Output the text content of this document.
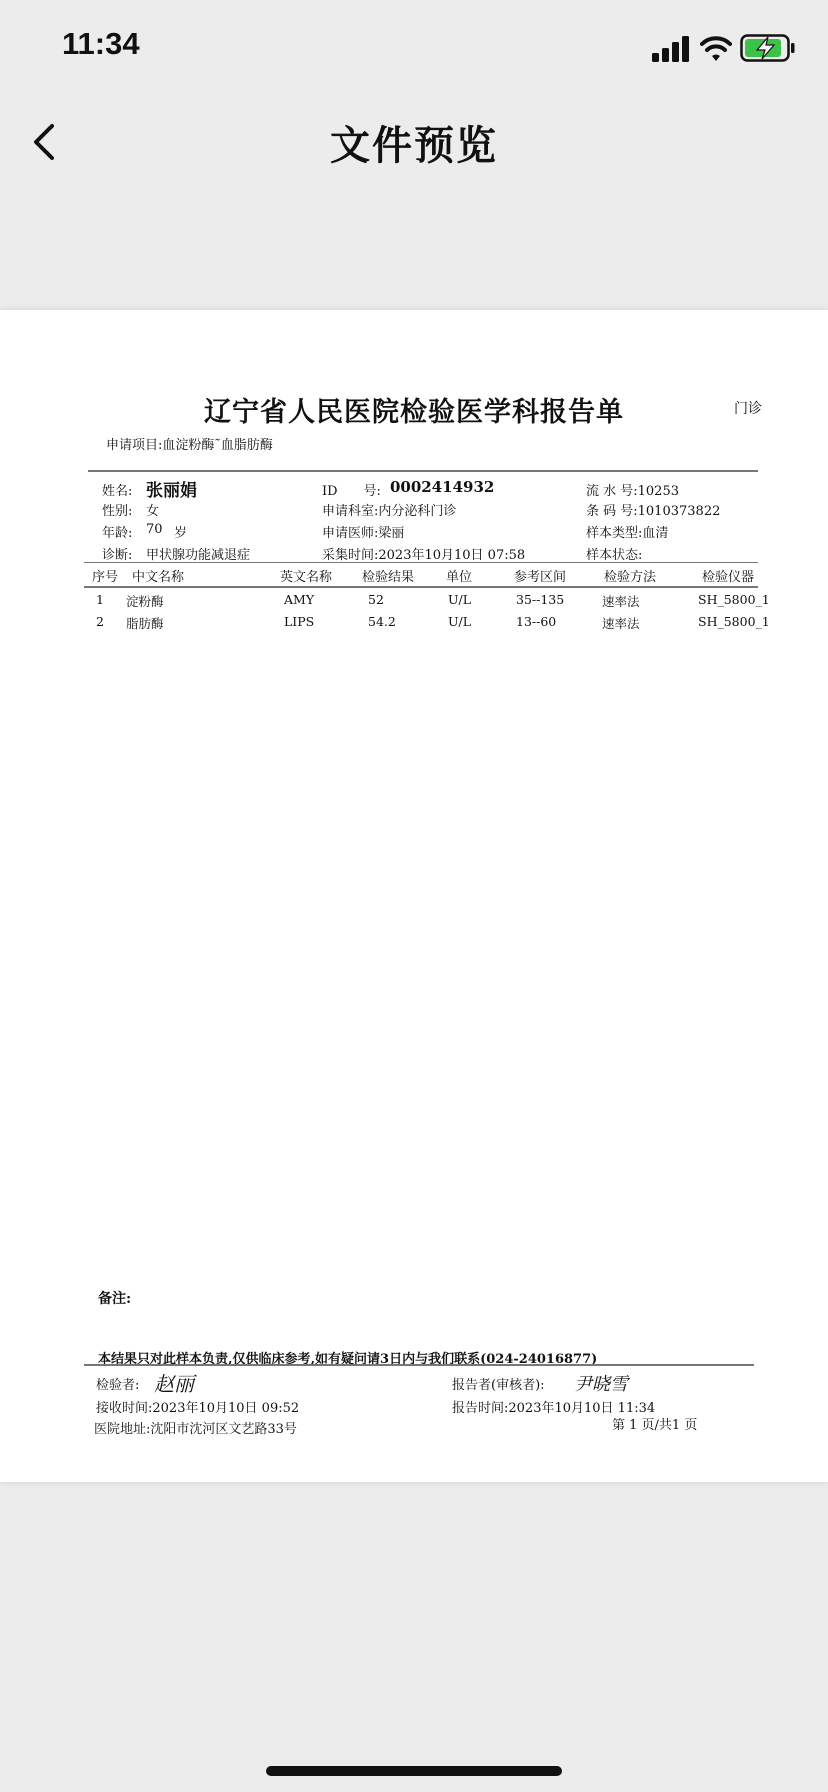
11:34
文件预览
辽宁省人民医院检验医学科报告单	门诊
申请项目:血淀粉酶˜血脂肪酶
姓名: 张丽娟
性别: 女
年龄: 70 岁
诊断: 甲状腺功能减退症
ID　　号: 0002414932
申请科室:内分泌科门诊
申请医师:梁丽
采集时间:2023年10月10日 07:58
流 水 号:10253
条 码 号:1010373822
样本类型:血清
样本状态:
序号 中文名称	英文名称 检验结果 单位	参考区间	检验方法	检验仪器
1 淀粉酶	AMY	52	U/L	35--135	速率法	SH_5800_1
2 脂肪酶	LIPS	54.2	U/L	13--60	速率法	SH_5800_1
备注:
本结果只对此样本负责,仅供临床参考,如有疑问请3日内与我们联系(024-24016877)
检验者: 赵丽	报告者(审核者): 尹晓雪
接收时间:2023年10月10日 09:52	报告时间:2023年10月10日 11:34
医院地址:沈阳市沈河区文艺路33号	第 1 页/共1 页
